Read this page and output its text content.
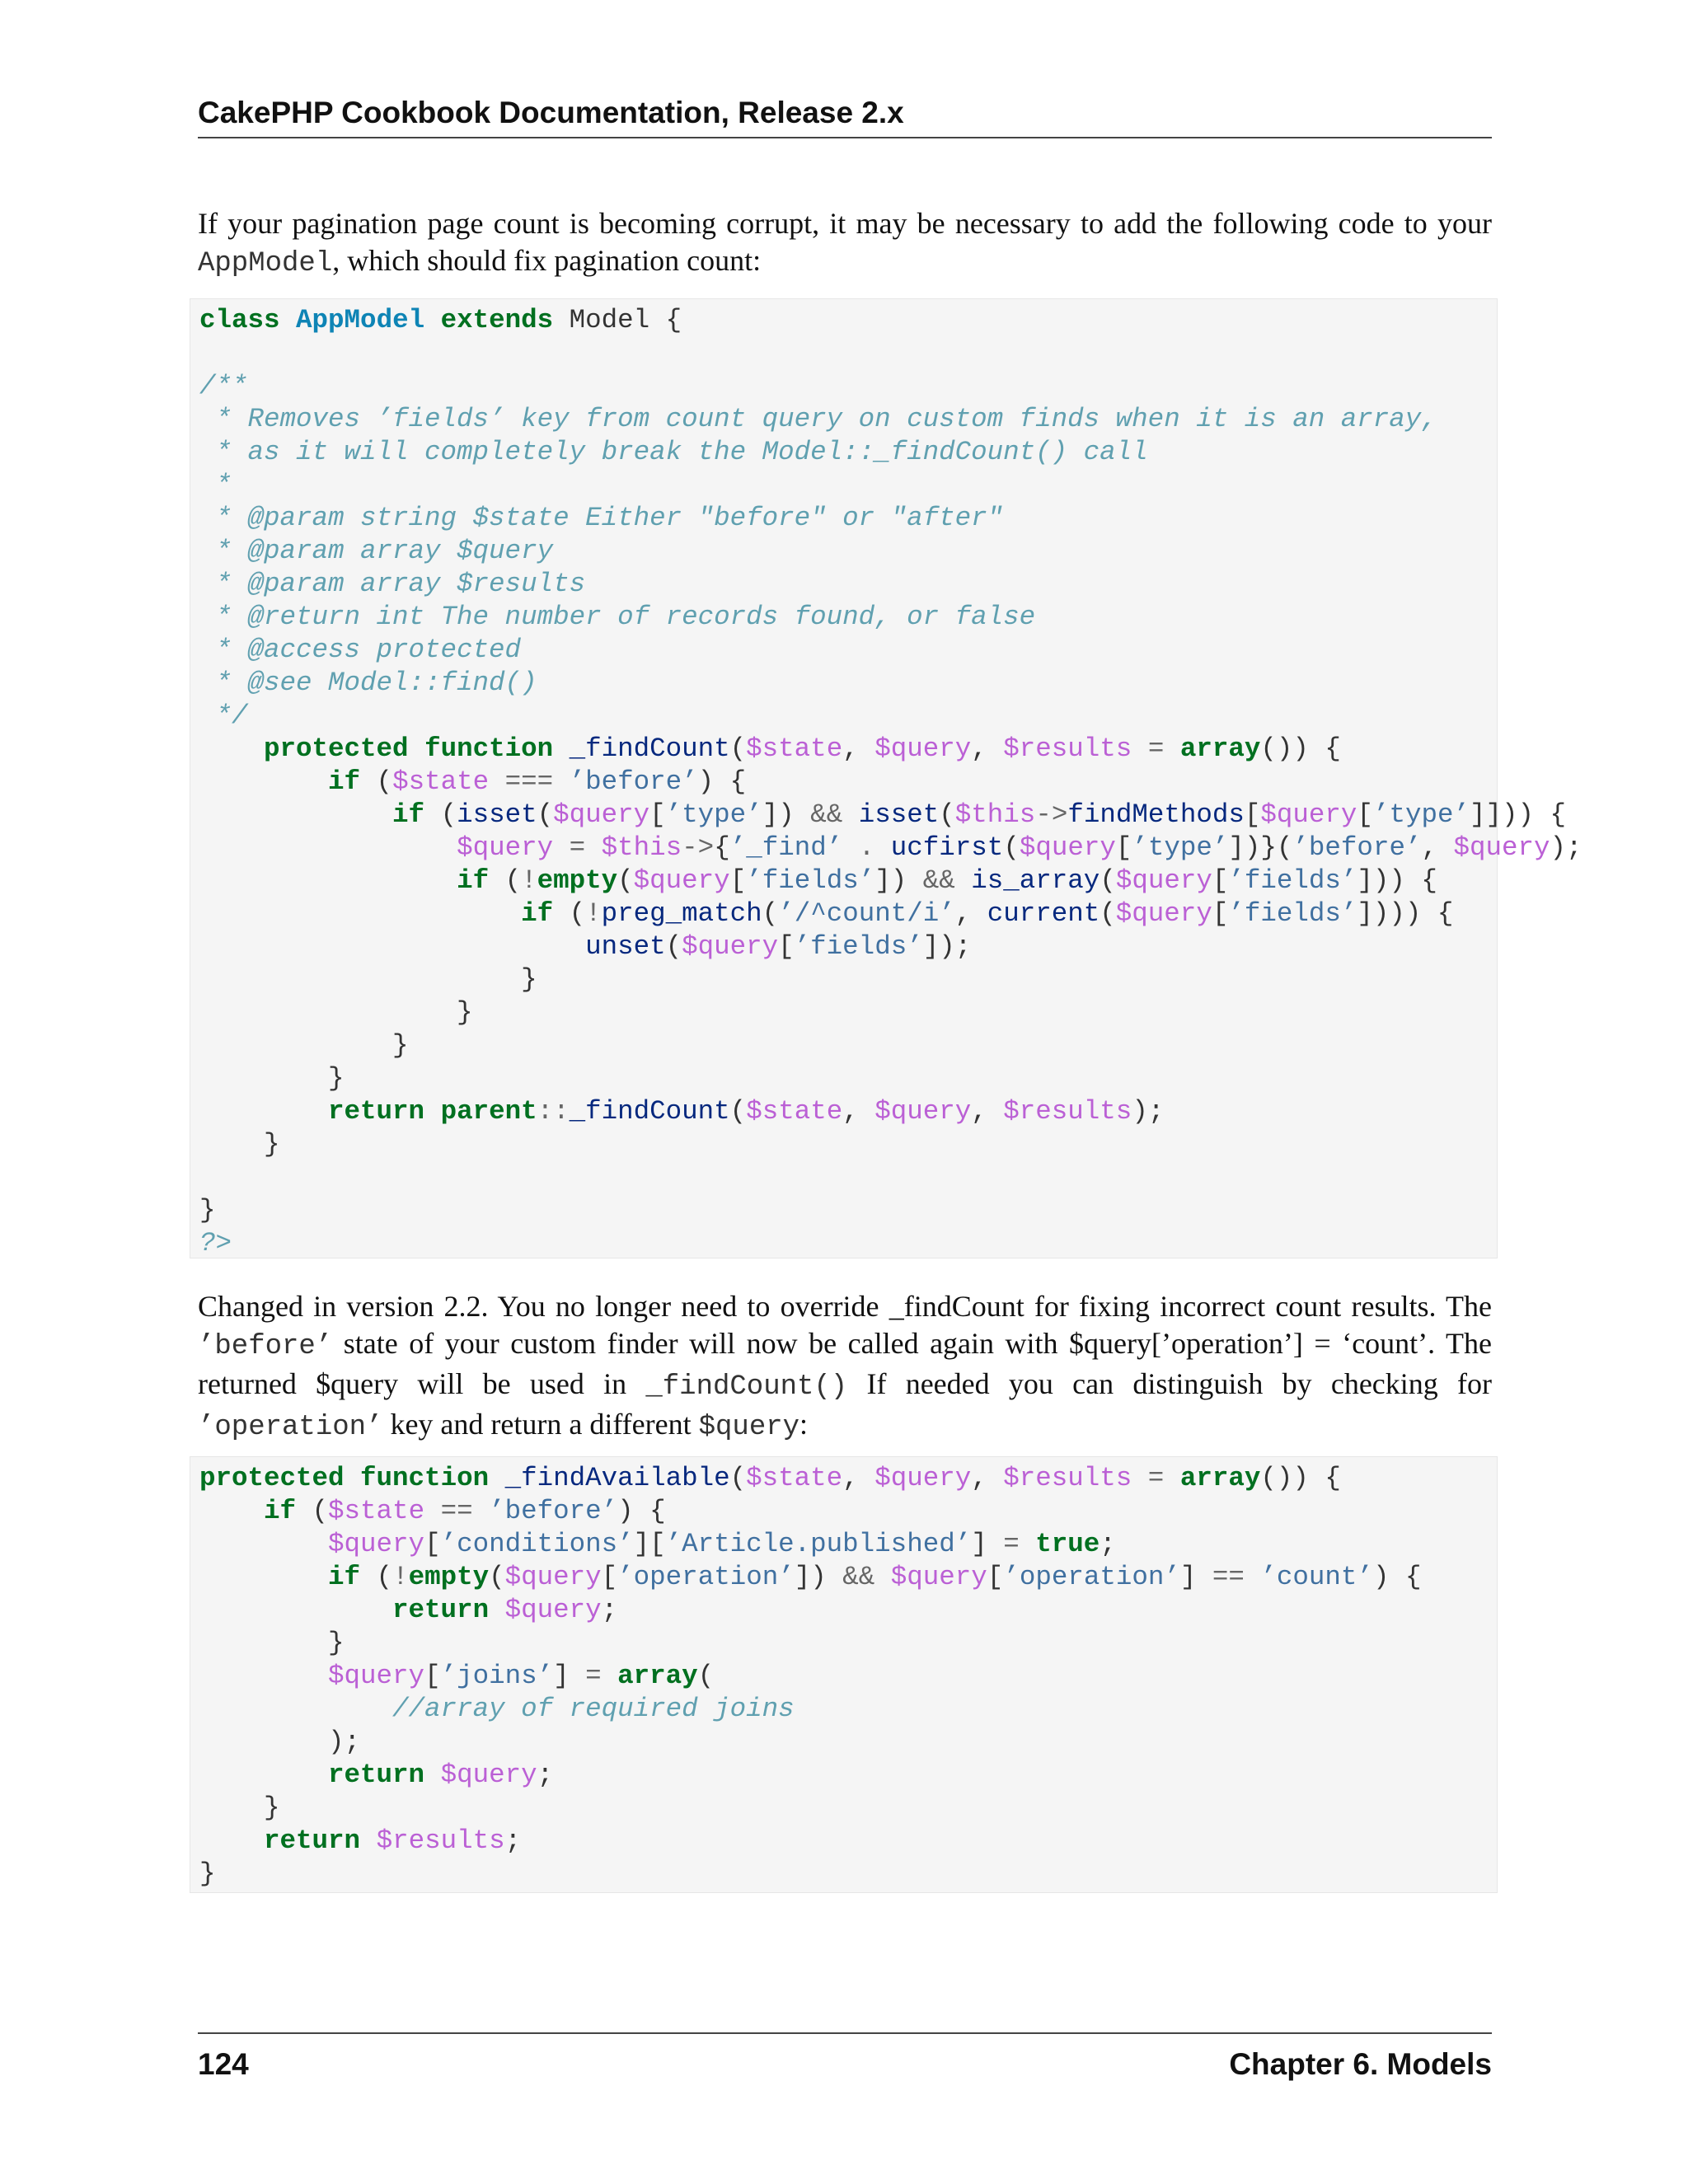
CakePHP Cookbook Documentation, Release 2.x
If your pagination page count is becoming corrupt, it may be necessary to add the following code to your AppModel, which should fix pagination count:
class AppModel extends Model {
/**
* Removes ’fields’ key from count query on custom finds when it is an array,
* as it will completely break the Model::_findCount() call
*
* @param string $state Either "before" or "after"
* @param array $query
* @param array $results
* @return int The number of records found, or false
* @access protected
* @see Model::find()
*/
protected function _findCount($state, $query, $results = array()) {
if ($state === ’before’) {
if (isset($query[’type’]) && isset($this->findMethods[$query[’type’]])) {
$query = $this->{’_find’ . ucfirst($query[’type’])}(’before’, $query);
if (!empty($query[’fields’]) && is_array($query[’fields’])) {
if (!preg_match(’/^count/i’, current($query[’fields’]))) {
unset($query[’fields’]);
}
}
}
}
return parent::_findCount($state, $query, $results);
}
}
?>
Changed in version 2.2. You no longer need to override _findCount for fixing incorrect count results. The ’before’ state of your custom finder will now be called again with $query[’operation’] = ‘count’. The returned $query will be used in _findCount() If needed you can distinguish by checking for ’operation’ key and return a different $query:
protected function _findAvailable($state, $query, $results = array()) {
if ($state == ’before’) {
$query[’conditions’][’Article.published’] = true;
if (!empty($query[’operation’]) && $query[’operation’] == ’count’) {
return $query;
}
$query[’joins’] = array(
//array of required joins
);
return $query;
}
return $results;
}
124	Chapter 6. Models
